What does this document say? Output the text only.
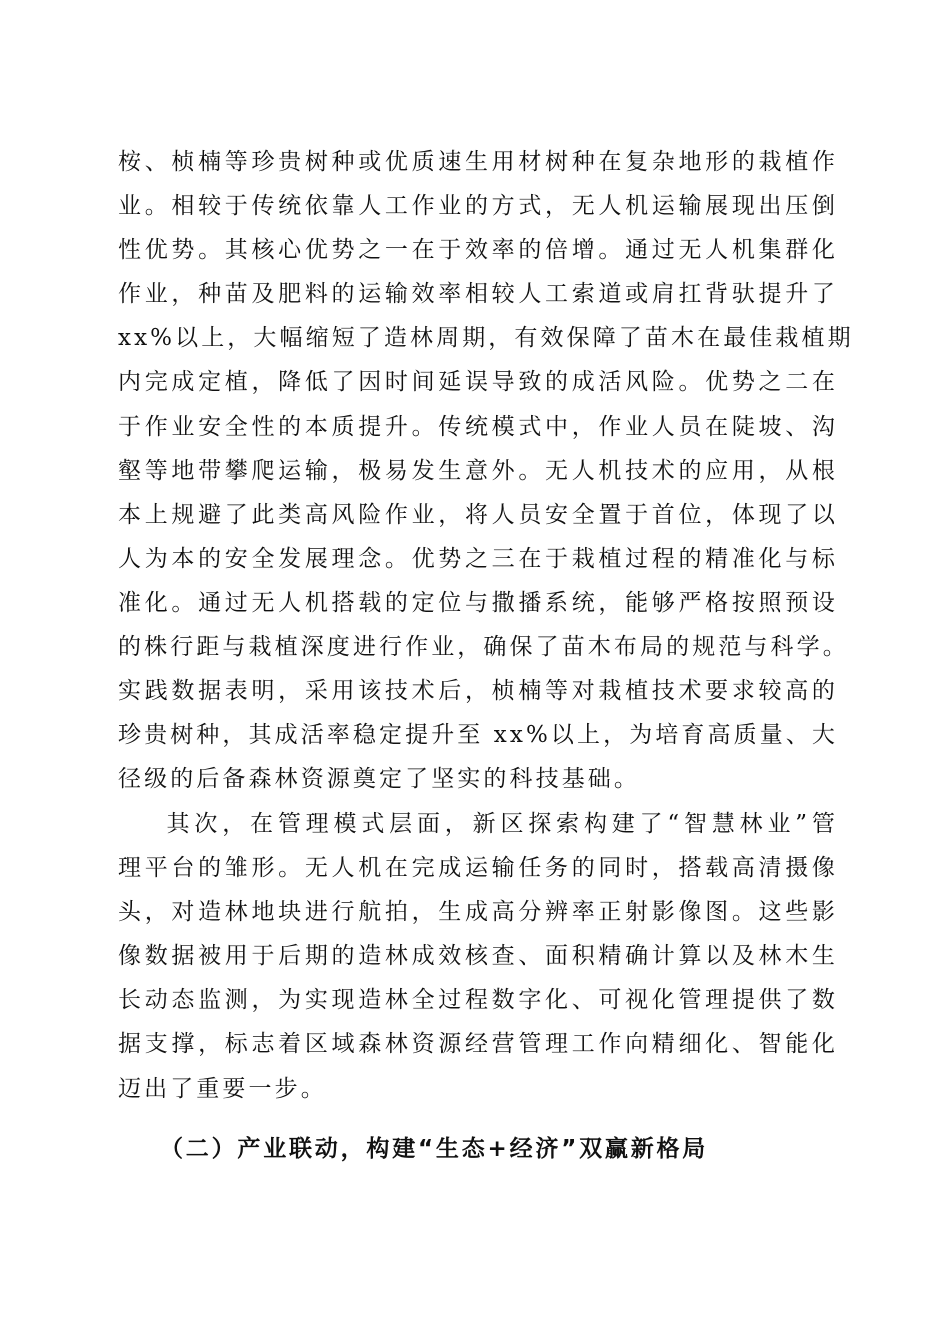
桉、桢楠等珍贵树种或优质速生用材树种在复杂地形的栽植作
业。相较于传统依靠人工作业的方式，无人机运输展现出压倒
性优势。其核心优势之一在于效率的倍增。通过无人机集群化
作业，种苗及肥料的运输效率相较人工索道或肩扛背驮提升了
xx%以上，大幅缩短了造林周期，有效保障了苗木在最佳栽植期
内完成定植，降低了因时间延误导致的成活风险。优势之二在
于作业安全性的本质提升。传统模式中，作业人员在陡坡、沟
壑等地带攀爬运输，极易发生意外。无人机技术的应用，从根
本上规避了此类高风险作业，将人员安全置于首位，体现了以
人为本的安全发展理念。优势之三在于栽植过程的精准化与标
准化。通过无人机搭载的定位与撒播系统，能够严格按照预设
的株行距与栽植深度进行作业，确保了苗木布局的规范与科学。
实践数据表明，采用该技术后，桢楠等对栽植技术要求较高的
珍贵树种，其成活率稳定提升至 xx%以上，为培育高质量、大
径级的后备森林资源奠定了坚实的科技基础。
其次，在管理模式层面，新区探索构建了“智慧林业”管
理平台的雏形。无人机在完成运输任务的同时，搭载高清摄像
头，对造林地块进行航拍，生成高分辨率正射影像图。这些影
像数据被用于后期的造林成效核查、面积精确计算以及林木生
长动态监测，为实现造林全过程数字化、可视化管理提供了数
据支撑，标志着区域森林资源经营管理工作向精细化、智能化
迈出了重要一步。
（二）产业联动，构建“生态+经济”双赢新格局
